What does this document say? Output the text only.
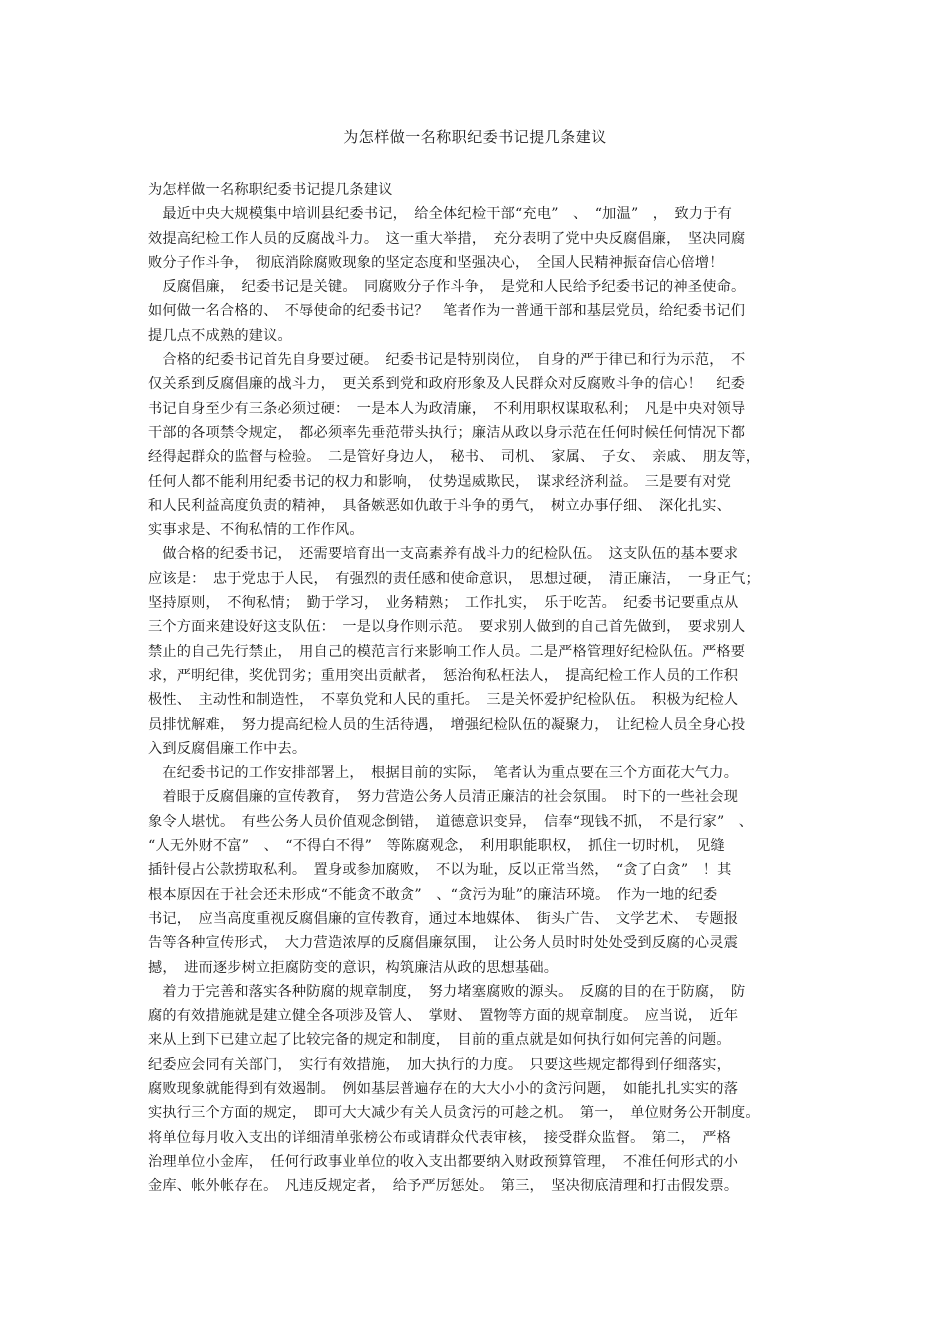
为怎样做一名称职纪委书记提几条建议
为怎样做一名称职纪委书记提几条建议
　最近中央大规模集中培训县纪委书记，　给全体纪检干部“充电”　、　“加温”　，　致力于有
效提高纪检工作人员的反腐战斗力。　这一重大举措，　充分表明了党中央反腐倡廉，　坚决同腐
败分子作斗争，　彻底消除腐败现象的坚定态度和坚强决心，　全国人民精神振奋信心倍增！
　反腐倡廉，　纪委书记是关键。　同腐败分子作斗争，　是党和人民给予纪委书记的神圣使命。
如何做一名合格的、　不辱使命的纪委书记？　笔者作为一普通干部和基层党员，给纪委书记们
提几点不成熟的建议。
　合格的纪委书记首先自身要过硬。　纪委书记是特别岗位，　自身的严于律已和行为示范，　不
仅关系到反腐倡廉的战斗力，　更关系到党和政府形象及人民群众对反腐败斗争的信心！　纪委
书记自身至少有三条必须过硬：　一是本人为政清廉，　不利用职权谋取私利；　凡是中央对领导
干部的各项禁令规定，　都必须率先垂范带头执行；廉洁从政以身示范在任何时候任何情况下都
经得起群众的监督与检验。　二是管好身边人，　秘书、　司机、　家属、　子女、　亲戚、　朋友等，
任何人都不能利用纪委书记的权力和影响，　仗势逞威欺民，　谋求经济利益。　三是要有对党
和人民利益高度负责的精神，　具备嫉恶如仇敢于斗争的勇气，　树立办事仔细、　深化扎实、
实事求是、不徇私情的工作作风。
　做合格的纪委书记，　还需要培育出一支高素养有战斗力的纪检队伍。　这支队伍的基本要求
应该是：　忠于党忠于人民，　有强烈的责任感和使命意识，　思想过硬，　清正廉洁，　一身正气；
坚持原则，　不徇私情；　勤于学习，　业务精熟；　工作扎实，　乐于吃苦。　纪委书记要重点从
三个方面来建设好这支队伍：　一是以身作则示范。　要求别人做到的自己首先做到，　要求别人
禁止的自己先行禁止，　用自己的模范言行来影响工作人员。二是严格管理好纪检队伍。严格要
求，严明纪律，奖优罚劣；重用突出贡献者，　惩治徇私枉法人，　提高纪检工作人员的工作积
极性、　主动性和制造性，　不辜负党和人民的重托。　三是关怀爱护纪检队伍。　积极为纪检人
员排忧解难，　努力提高纪检人员的生活待遇，　增强纪检队伍的凝聚力，　让纪检人员全身心投
入到反腐倡廉工作中去。
　在纪委书记的工作安排部署上，　根据目前的实际，　笔者认为重点要在三个方面花大气力。
　着眼于反腐倡廉的宣传教育，　努力营造公务人员清正廉洁的社会氛围。　时下的一些社会现
象令人堪忧。　有些公务人员价值观念倒错，　道德意识变异，　信奉“现钱不抓，　不是行家”　、
“人无外财不富”　、　“不得白不得”　等陈腐观念，　利用职能职权，　抓住一切时机，　见缝
插针侵占公款捞取私利。　置身或参加腐败，　不以为耻，反以正常当然，　“贪了白贪”　！其
根本原因在于社会还未形成“不能贪不敢贪”　、“贪污为耻”的廉洁环境。　作为一地的纪委
书记，　应当高度重视反腐倡廉的宣传教育，通过本地媒体、　街头广告、　文学艺术、　专题报
告等各种宣传形式，　大力营造浓厚的反腐倡廉氛围，　让公务人员时时处处受到反腐的心灵震
撼，　进而逐步树立拒腐防变的意识，构筑廉洁从政的思想基础。
　着力于完善和落实各种防腐的规章制度，　努力堵塞腐败的源头。　反腐的目的在于防腐，　防
腐的有效措施就是建立健全各项涉及管人、　掌财、　置物等方面的规章制度。　应当说，　近年
来从上到下已建立起了比较完备的规定和制度，　目前的重点就是如何执行如何完善的问题。
纪委应会同有关部门，　实行有效措施，　加大执行的力度。　只要这些规定都得到仔细落实，
腐败现象就能得到有效遏制。　例如基层普遍存在的大大小小的贪污问题，　如能扎扎实实的落
实执行三个方面的规定，　即可大大减少有关人员贪污的可趁之机。　第一，　单位财务公开制度。
将单位每月收入支出的详细清单张榜公布或请群众代表审核，　接受群众监督。　第二，　严格
治理单位小金库，　任何行政事业单位的收入支出都要纳入财政预算管理，　不准任何形式的小
金库、帐外帐存在。　凡违反规定者，　给予严厉惩处。　第三，　坚决彻底清理和打击假发票。
